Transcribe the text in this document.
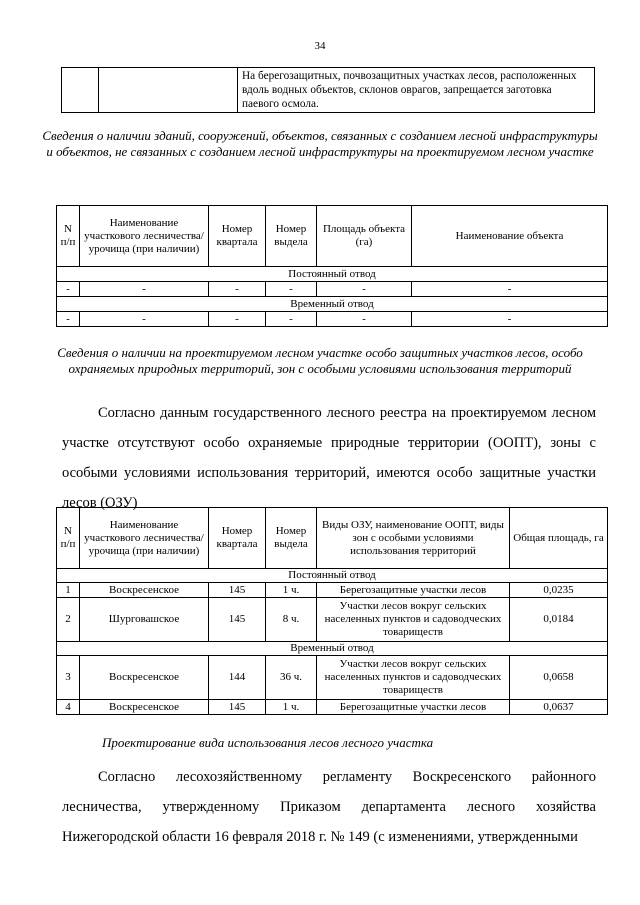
34
		На берегозащитных, почвозащитных участках лесов, расположенных вдоль водных объектов, склонов оврагов, запрещается заготовка паевого осмола.
Сведения о наличии зданий, сооружений, объектов, связанных с созданием лесной инфраструктуры и объектов, не связанных с созданием лесной инфраструктуры на проектируемом лесном участке
N п/п	Наименование участкового лесничества/урочища (при наличии)	Номер квартала	Номер выдела	Площадь объекта (га)	Наименование объекта
Постоянный отвод					
-	-	-	-	-	-
Временный отвод					
-	-	-	-	-	-
Сведения о наличии на проектируемом лесном участке особо защитных участков лесов, особо охраняемых природных территорий, зон с особыми условиями использования территорий
Согласно данным государственного лесного реестра на проектируемом лесном участке отсутствуют особо охраняемые природные территории (ООПТ), зоны с особыми условиями использования территорий, имеются особо защитные участки лесов (ОЗУ)
N п/п	Наименование участкового лесничества/урочища (при наличии)	Номер квартала	Номер выдела	Виды ОЗУ, наименование ООПТ, виды зон с особыми условиями использования территорий	Общая площадь, га
Постоянный отвод					
1	Воскресенское	145	1 ч.	Берегозащитные участки лесов	0,0235
2	Шурговашское	145	8 ч.	Участки лесов вокруг сельских населенных пунктов и садоводческих товариществ	0,0184
Временный отвод					
3	Воскресенское	144	36 ч.	Участки лесов вокруг сельских населенных пунктов и садоводческих товариществ	0,0658
4	Воскресенское	145	1 ч.	Берегозащитные участки лесов	0,0637
Проектирование вида использования лесов лесного участка
Согласно лесохозяйственному регламенту Воскресенского районного лесничества, утвержденному Приказом департамента лесного хозяйства Нижегородской области 16 февраля 2018 г. № 149 (с изменениями, утвержденными
